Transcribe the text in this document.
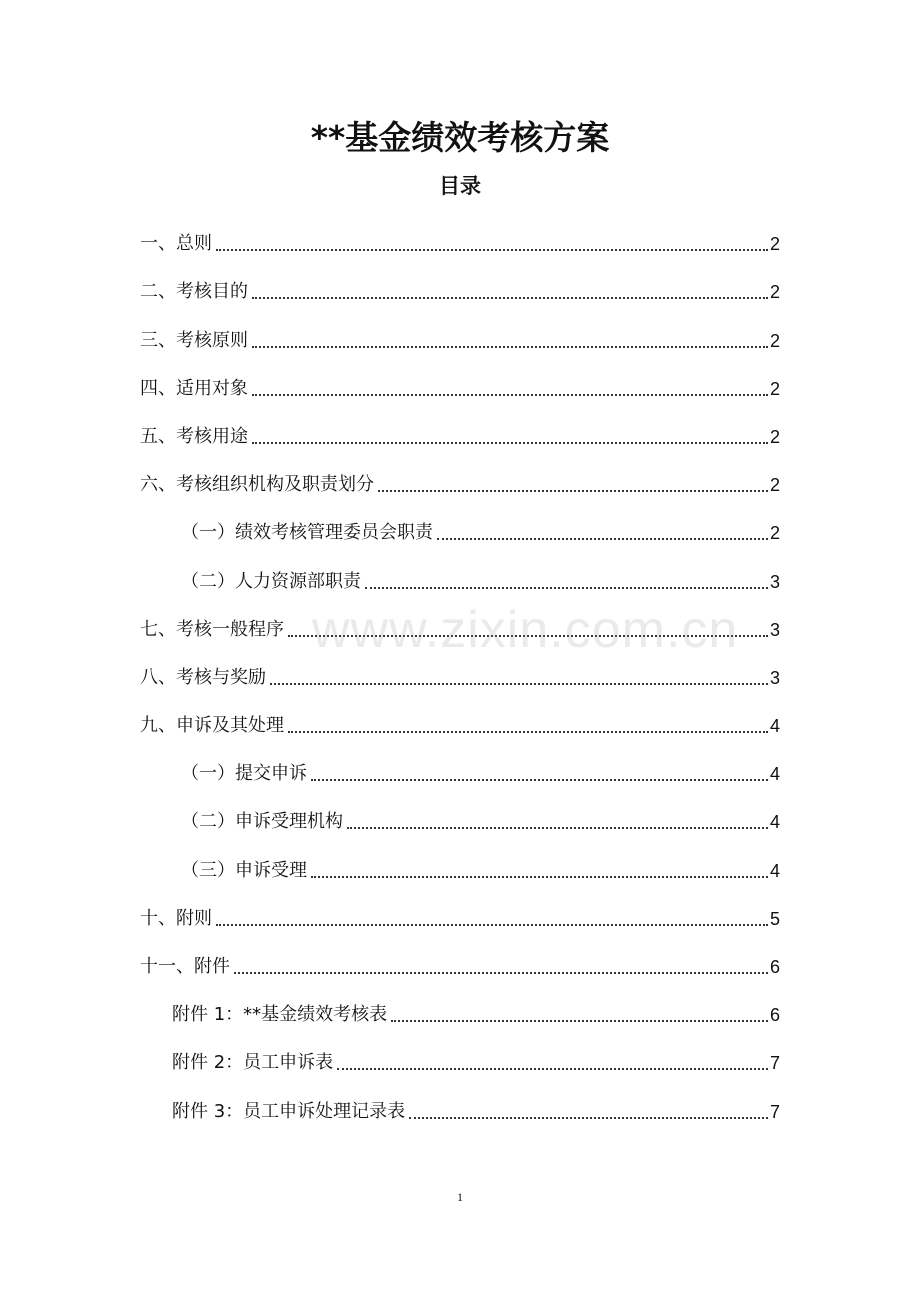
**基金绩效考核方案
目录
一、总则	2
二、考核目的	2
三、考核原则	2
四、适用对象	2
五、考核用途	2
六、考核组织机构及职责划分	2
（一）绩效考核管理委员会职责	2
（二）人力资源部职责	3
七、考核一般程序	3
八、考核与奖励	3
九、申诉及其处理	4
（一）提交申诉	4
（二）申诉受理机构	4
（三）申诉受理	4
十、附则	5
十一、附件	6
附件 1：**基金绩效考核表	6
附件 2：员工申诉表	7
附件 3：员工申诉处理记录表	7
www.zixin.com.cn
1
